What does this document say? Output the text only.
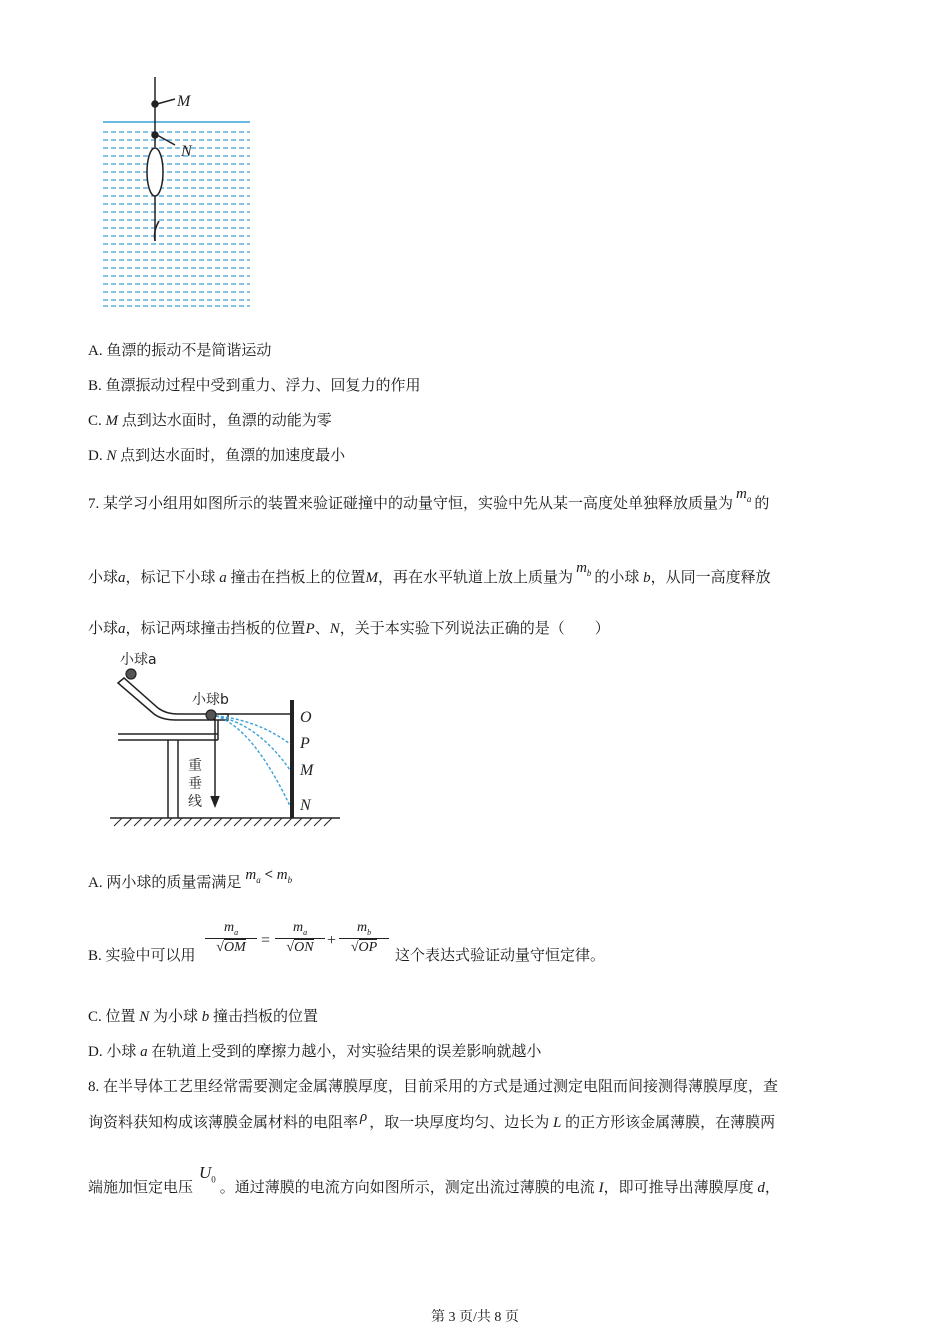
M
N
A. 鱼漂的振动不是简谐运动
B. 鱼漂振动过程中受到重力、浮力、回复力的作用
C. M 点到达水面时，鱼漂的动能为零
D. N 点到达水面时，鱼漂的加速度最小
7. 某学习小组用如图所示的装置来验证碰撞中的动量守恒，实验中先从某一高度处单独释放质量为$m_a$ 的
小球a，标记下小球 a 撞击在挡板上的位置M，再在水平轨道上放上质量为$m_b$ 的小球 b，从同一高度释放
小球a，标记两球撞击挡板的位置P、N，关于本实验下列说法正确的是（　　）
小球a
小球b
重
垂
线
O
P
M
N
A. 两小球的质量需满足 $m_a < m_b$
B. 实验中可以用
$\frac{m_a}{√OM} = \frac{m_a}{√ON} + \frac{m_b}{√OP}$
这个表达式验证动量守恒定律。
C. 位置 N 为小球 b 撞击挡板的位置
D. 小球 a 在轨道上受到的摩擦力越小，对实验结果的误差影响就越小
8. 在半导体工艺里经常需要测定金属薄膜厚度，目前采用的方式是通过测定电阻而间接测得薄膜厚度，查
询资料获知构成该薄膜金属材料的电阻率 ρ ，取一块厚度均匀、边长为 L 的正方形该金属薄膜，在薄膜两
端施加恒定电压$U_0$。通过薄膜的电流方向如图所示，测定出流过薄膜的电流 I，即可推导出薄膜厚度 d，
第 3 页/共 8 页
